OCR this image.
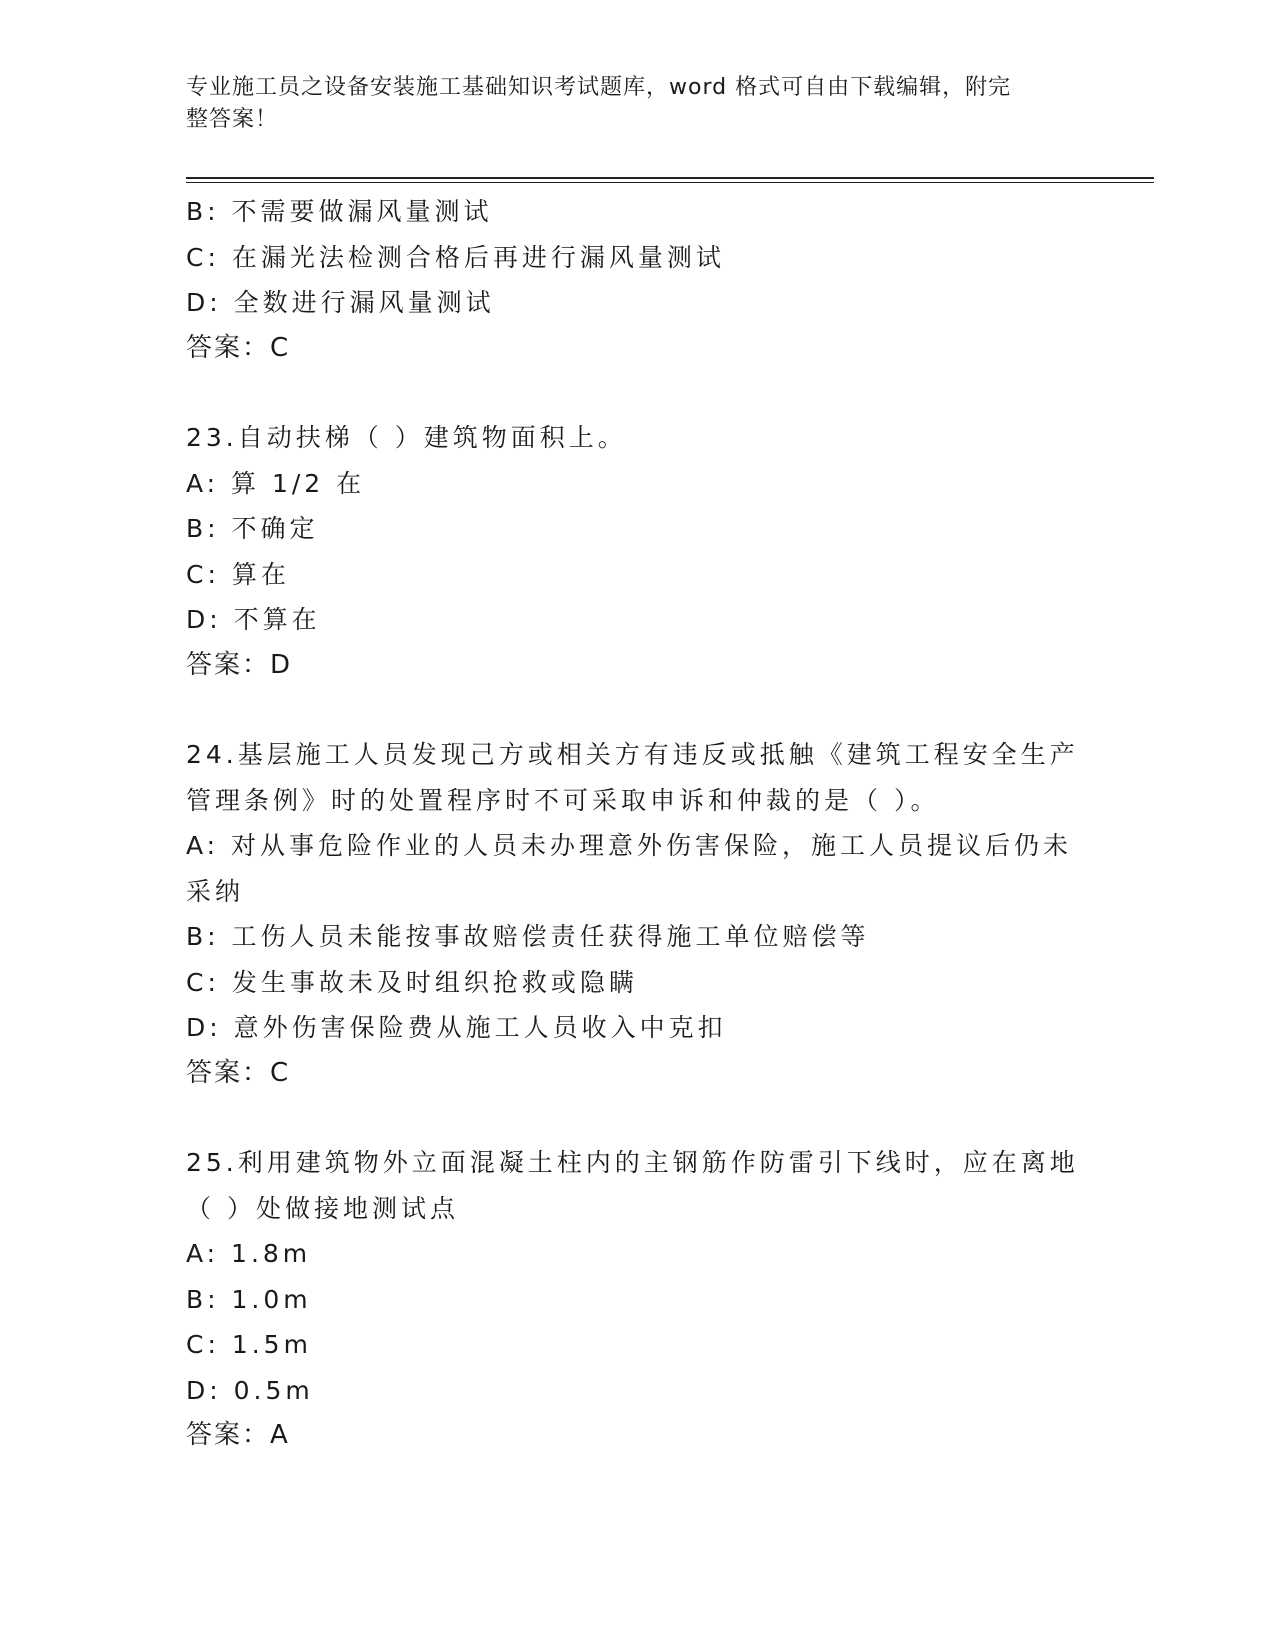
专业施工员之设备安装施工基础知识考试题库，word 格式可自由下载编辑，附完
整答案！
B: 不需要做漏风量测试
C: 在漏光法检测合格后再进行漏风量测试
D: 全数进行漏风量测试
答案：C
23.自动扶梯（ ）建筑物面积上。
A: 算 1/2 在
B: 不确定
C: 算在
D: 不算在
答案：D
24.基层施工人员发现己方或相关方有违反或抵触《建筑工程安全生产
管理条例》时的处置程序时不可采取申诉和仲裁的是（ ）。
A: 对从事危险作业的人员未办理意外伤害保险，施工人员提议后仍未
采纳
B: 工伤人员未能按事故赔偿责任获得施工单位赔偿等
C: 发生事故未及时组织抢救或隐瞒
D: 意外伤害保险费从施工人员收入中克扣
答案：C
25.利用建筑物外立面混凝土柱内的主钢筋作防雷引下线时，应在离地
（ ）处做接地测试点
A: 1.8m
B: 1.0m
C: 1.5m
D: 0.5m
答案：A
